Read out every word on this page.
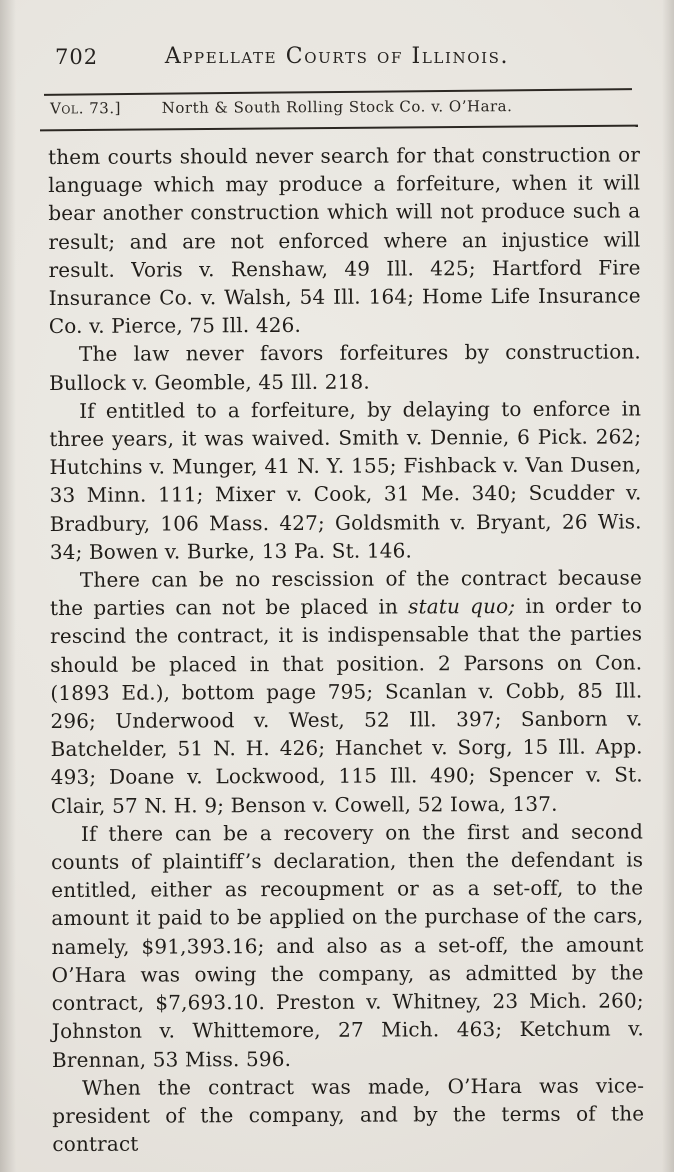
702	Appellate Courts of Illinois.
Vol. 73.]	North & South Rolling Stock Co. v. O’Hara.

them courts should never search for that construction or language which may produce a forfeiture, when it will bear another construction which will not produce such a result; and are not enforced where an injustice will result. Voris v. Renshaw, 49 Ill. 425; Hartford Fire Insurance Co. v. Walsh, 54 Ill. 164; Home Life Insurance Co. v. Pierce, 75 Ill. 426.

The law never favors forfeitures by construction. Bullock v. Geomble, 45 Ill. 218.

If entitled to a forfeiture, by delaying to enforce in three years, it was waived. Smith v. Dennie, 6 Pick. 262; Hutchins v. Munger, 41 N. Y. 155; Fishback v. Van Dusen, 33 Minn. 111; Mixer v. Cook, 31 Me. 340; Scudder v. Bradbury, 106 Mass. 427; Goldsmith v. Bryant, 26 Wis. 34; Bowen v. Burke, 13 Pa. St. 146.

There can be no rescission of the contract because the parties can not be placed in statu quo; in order to rescind the contract, it is indispensable that the parties should be placed in that position. 2 Parsons on Con. (1893 Ed.), bottom page 795; Scanlan v. Cobb, 85 Ill. 296; Underwood v. West, 52 Ill. 397; Sanborn v. Batchelder, 51 N. H. 426; Hanchet v. Sorg, 15 Ill. App. 493; Doane v. Lockwood, 115 Ill. 490; Spencer v. St. Clair, 57 N. H. 9; Benson v. Cowell, 52 Iowa, 137.

If there can be a recovery on the first and second counts of plaintiff’s declaration, then the defendant is entitled, either as recoupment or as a set-off, to the amount it paid to be applied on the purchase of the cars, namely, $91,393.16; and also as a set-off, the amount O’Hara was owing the company, as admitted by the contract, $7,693.10. Preston v. Whitney, 23 Mich. 260; Johnston v. Whittemore, 27 Mich. 463; Ketchum v. Brennan, 53 Miss. 596.

When the contract was made, O’Hara was vice-president of the company, and by the terms of the contract
